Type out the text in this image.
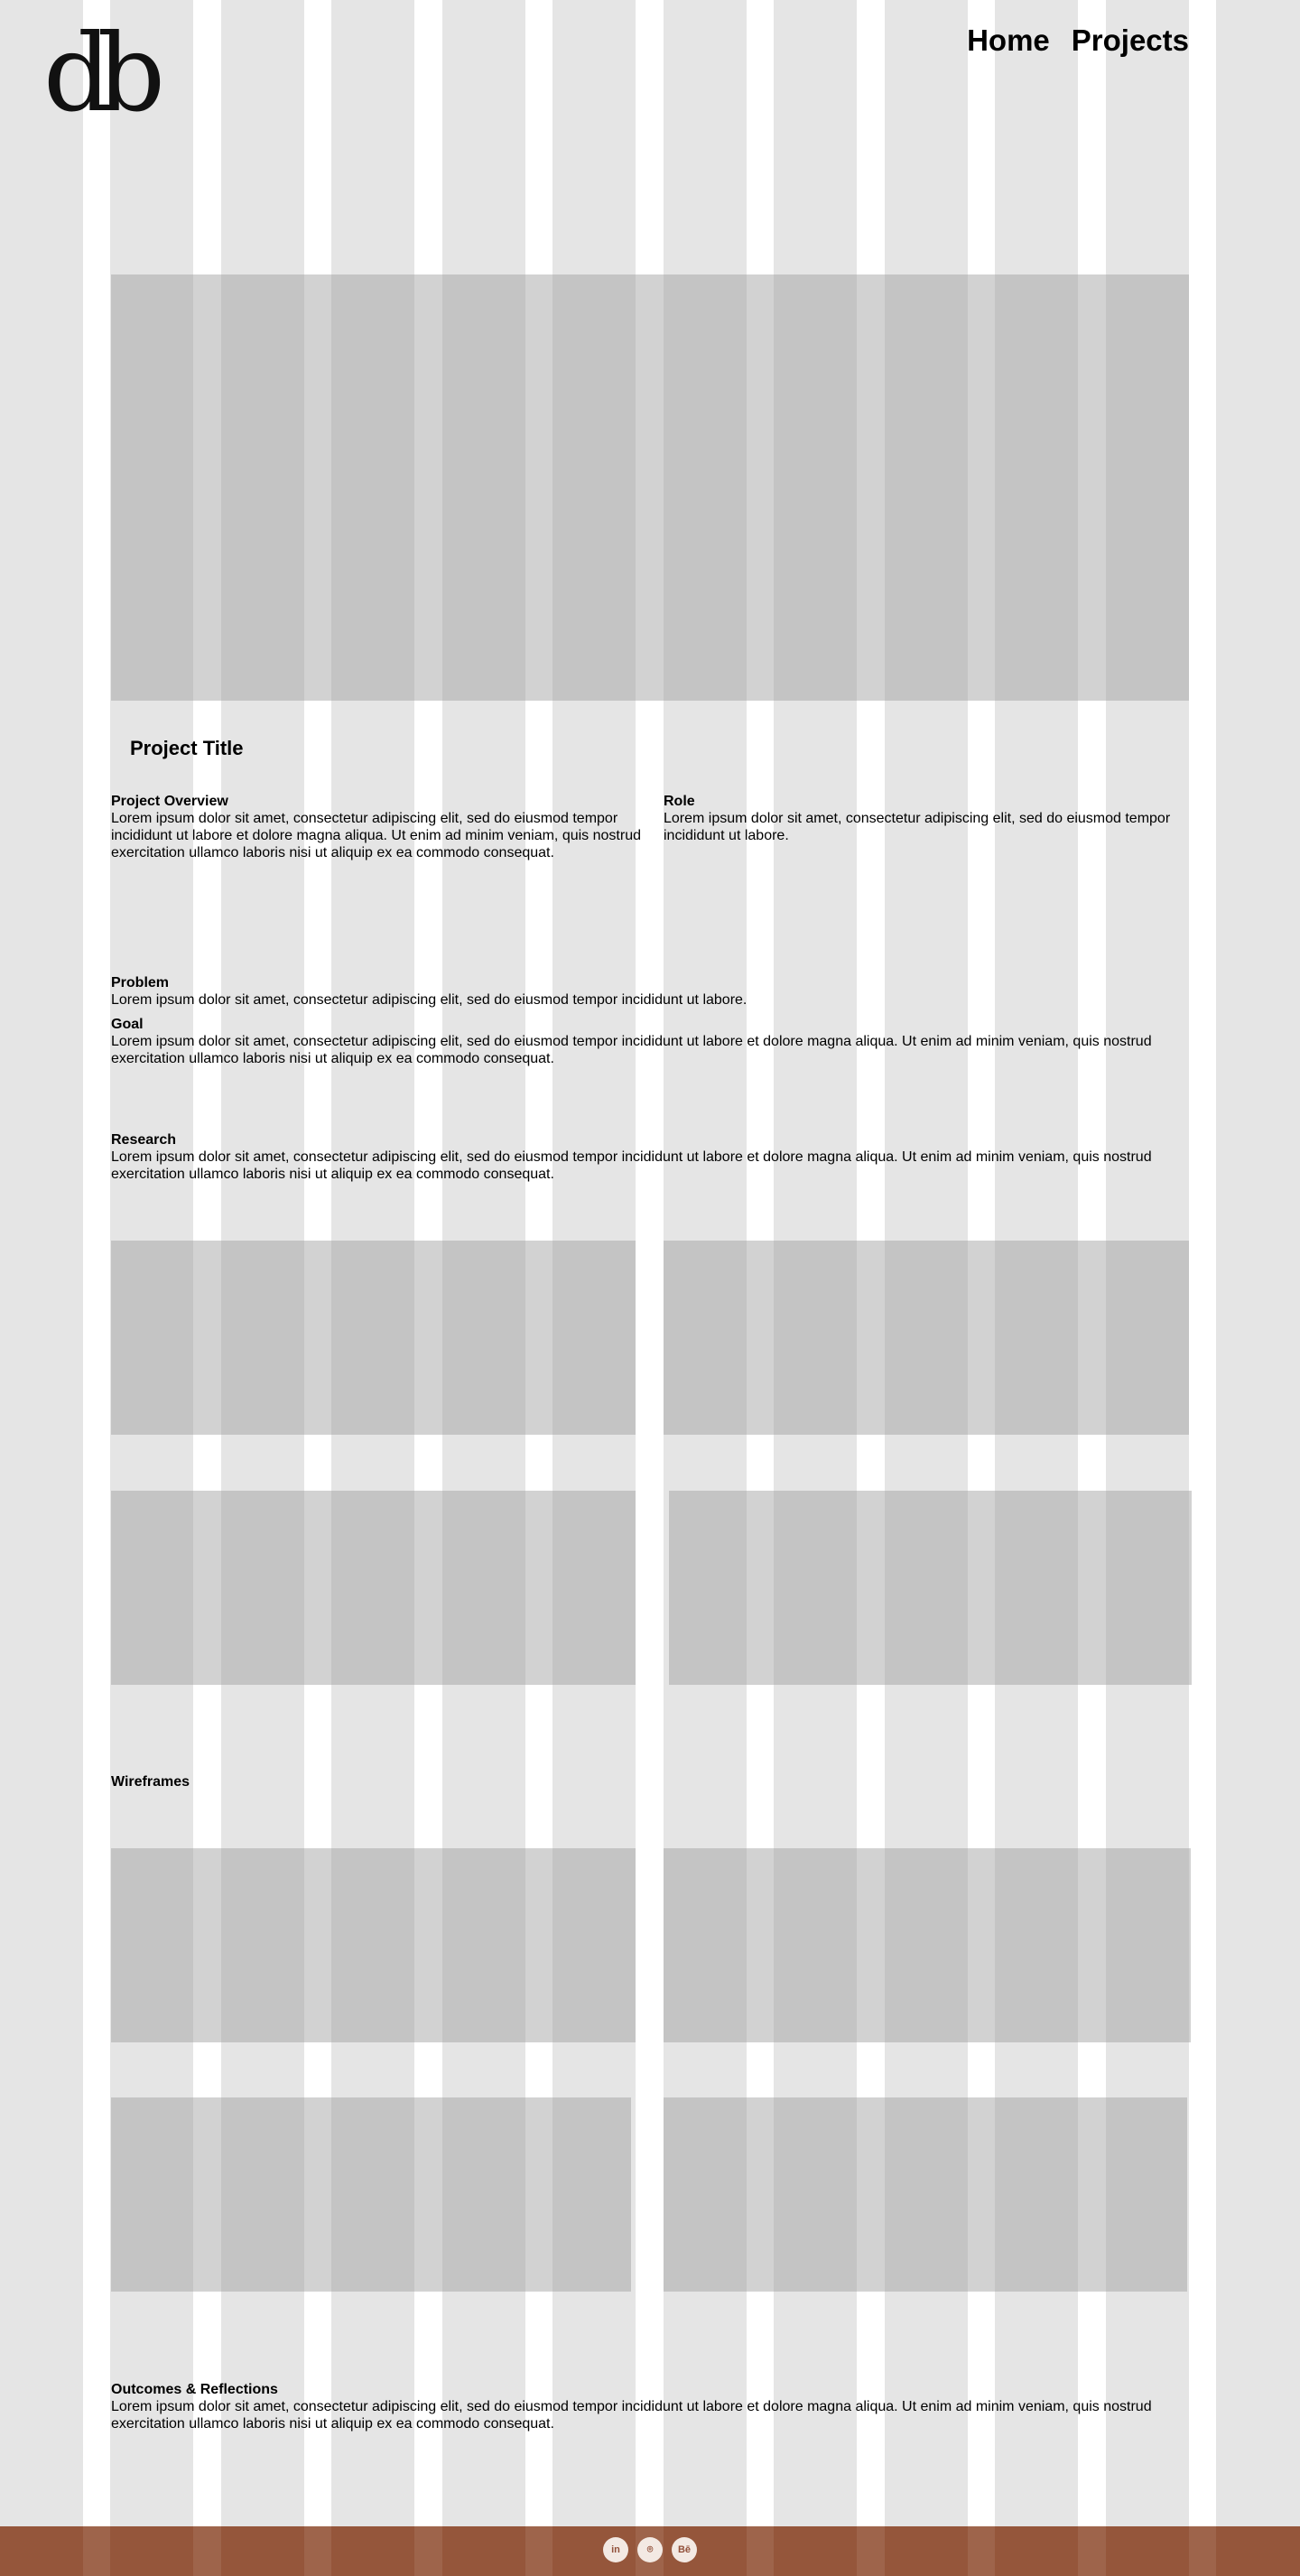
db	Home Projects
Project Title
Project Overview
Lorem ipsum dolor sit amet, consectetur adipiscing elit, sed do eiusmod tempor incididunt ut labore et dolore magna aliqua. Ut enim ad minim veniam, quis nostrud exercitation ullamco laboris nisi ut aliquip ex ea commodo consequat.
Role
Lorem ipsum dolor sit amet, consectetur adipiscing elit, sed do eiusmod tempor incididunt ut labore.
Problem
Lorem ipsum dolor sit amet, consectetur adipiscing elit, sed do eiusmod tempor incididunt ut labore.
Goal
Lorem ipsum dolor sit amet, consectetur adipiscing elit, sed do eiusmod tempor incididunt ut labore et dolore magna aliqua. Ut enim ad minim veniam, quis nostrud exercitation ullamco laboris nisi ut aliquip ex ea commodo consequat.
Research
Lorem ipsum dolor sit amet, consectetur adipiscing elit, sed do eiusmod tempor incididunt ut labore et dolore magna aliqua. Ut enim ad minim veniam, quis nostrud exercitation ullamco laboris nisi ut aliquip ex ea commodo consequat.
Wireframes
Outcomes & Reflections
Lorem ipsum dolor sit amet, consectetur adipiscing elit, sed do eiusmod tempor incididunt ut labore et dolore magna aliqua. Ut enim ad minim veniam, quis nostrud exercitation ullamco laboris nisi ut aliquip ex ea commodo consequat.
in	⌾	Bē
